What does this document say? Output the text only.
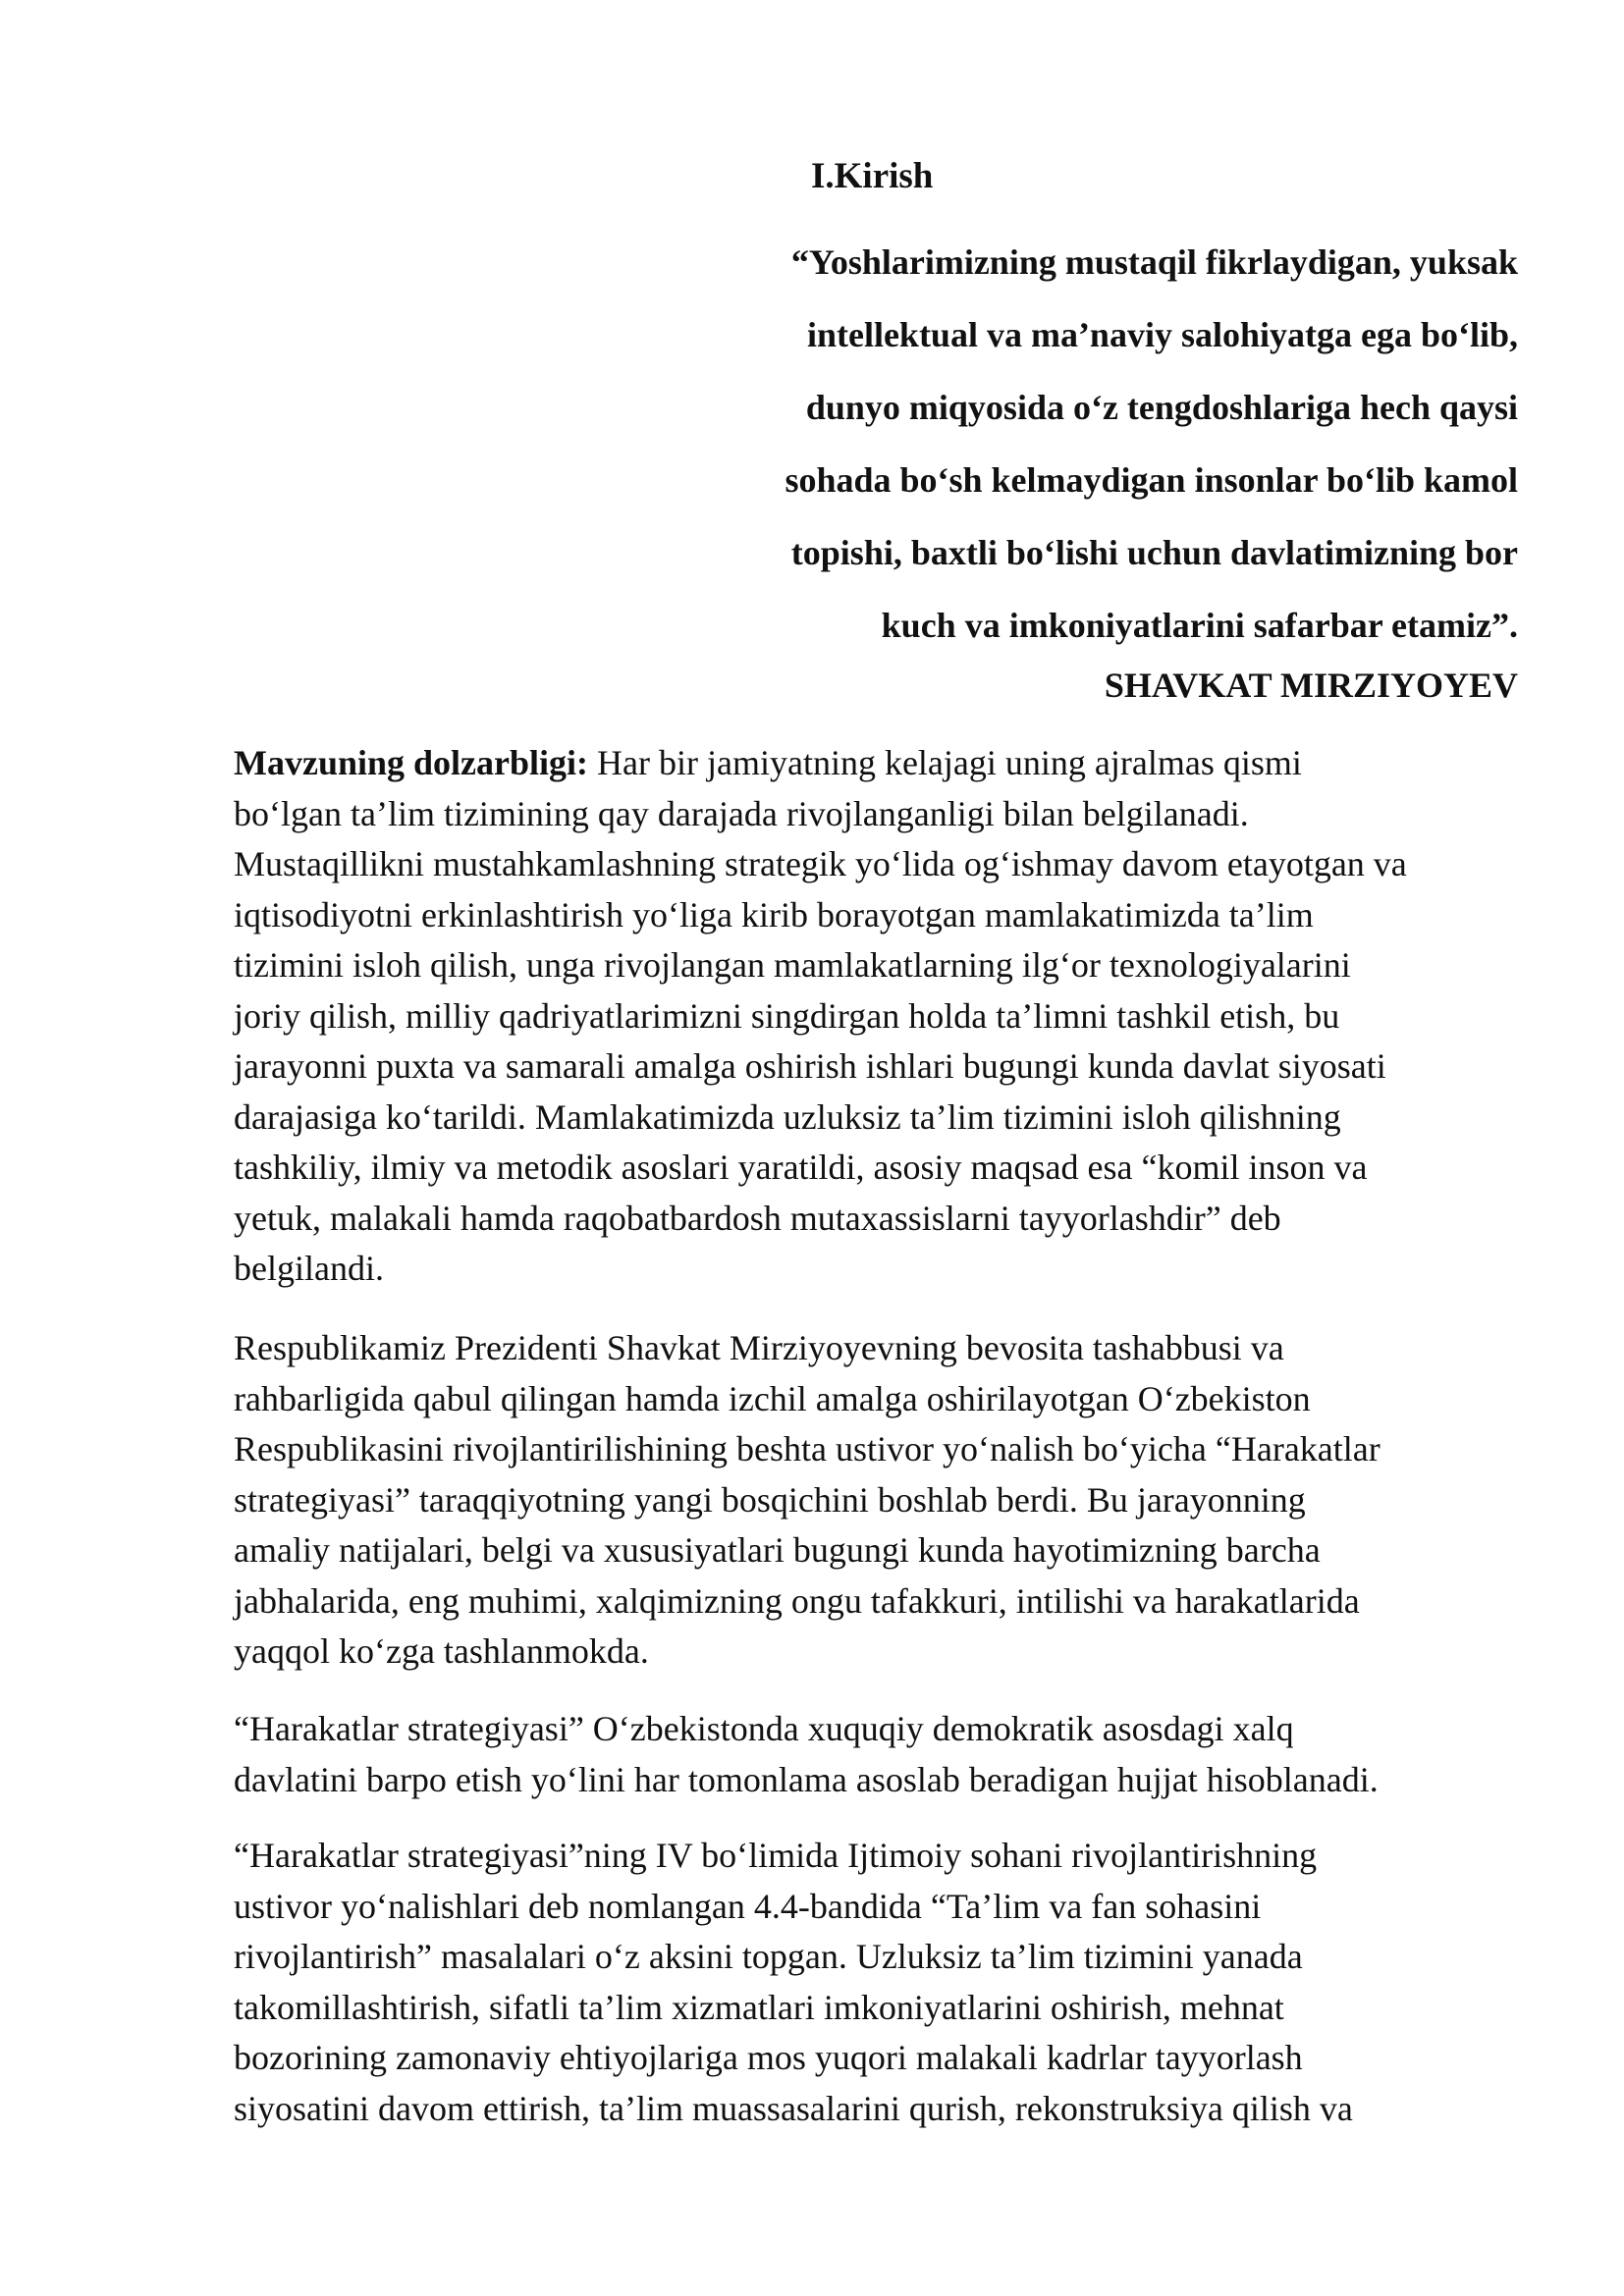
I.Kirish
“Yoshlarimizning mustaqil fikrlaydigan, yuksak
intellektual va ma’naviy salohiyatga ega bo‘lib,
dunyo miqyosida o‘z tengdoshlariga hech qaysi
sohada bo‘sh kelmaydigan insonlar bo‘lib kamol
topishi, baxtli bo‘lishi uchun davlatimizning bor
kuch va imkoniyatlarini safarbar etamiz”.
SHAVKAT MIRZIYOYEV
Mavzuning dolzarbligi: Har bir jamiyatning kelajagi uning ajralmas qismi
bo‘lgan ta’lim tizimining qay darajada rivojlanganligi bilan belgilanadi.
Mustaqillikni mustahkamlashning strategik yo‘lida og‘ishmay davom etayotgan va
iqtisodiyotni erkinlashtirish yo‘liga kirib borayotgan mamlakatimizda ta’lim
tizimini isloh qilish, unga rivojlangan mamlakatlarning ilg‘or texnologiyalarini
joriy qilish, milliy qadriyatlarimizni singdirgan holda ta’limni tashkil etish, bu
jarayonni puxta va samarali amalga oshirish ishlari bugungi kunda davlat siyosati
darajasiga ko‘tarildi. Mamlakatimizda uzluksiz ta’lim tizimini isloh qilishning
tashkiliy, ilmiy va metodik asoslari yaratildi, asosiy maqsad esa “komil inson va
yetuk, malakali hamda raqobatbardosh mutaxassislarni tayyorlashdir” deb
belgilandi.
Respublikamiz Prezidenti Shavkat Mirziyoyevning bevosita tashabbusi va
rahbarligida qabul qilingan hamda izchil amalga oshirilayotgan O‘zbekiston
Respublikasini rivojlantirilishining beshta ustivor yo‘nalish bo‘yicha “Harakatlar
strategiyasi” taraqqiyotning yangi bosqichini boshlab berdi. Bu jarayonning
amaliy natijalari, belgi va xususiyatlari bugungi kunda hayotimizning barcha
jabhalarida, eng muhimi, xalqimizning ongu tafakkuri, intilishi va harakatlarida
yaqqol ko‘zga tashlanmokda.
“Harakatlar strategiyasi” O‘zbekistonda xuquqiy demokratik asosdagi xalq
davlatini barpo etish yo‘lini har tomonlama asoslab beradigan hujjat hisoblanadi.
“Harakatlar strategiyasi”ning IV bo‘limida Ijtimoiy sohani rivojlantirishning
ustivor yo‘nalishlari deb nomlangan 4.4-bandida “Ta’lim va fan sohasini
rivojlantirish” masalalari o‘z aksini topgan. Uzluksiz ta’lim tizimini yanada
takomillashtirish, sifatli ta’lim xizmatlari imkoniyatlarini oshirish, mehnat
bozorining zamonaviy ehtiyojlariga mos yuqori malakali kadrlar tayyorlash
siyosatini davom ettirish, ta’lim muassasalarini qurish, rekonstruksiya qilish va
